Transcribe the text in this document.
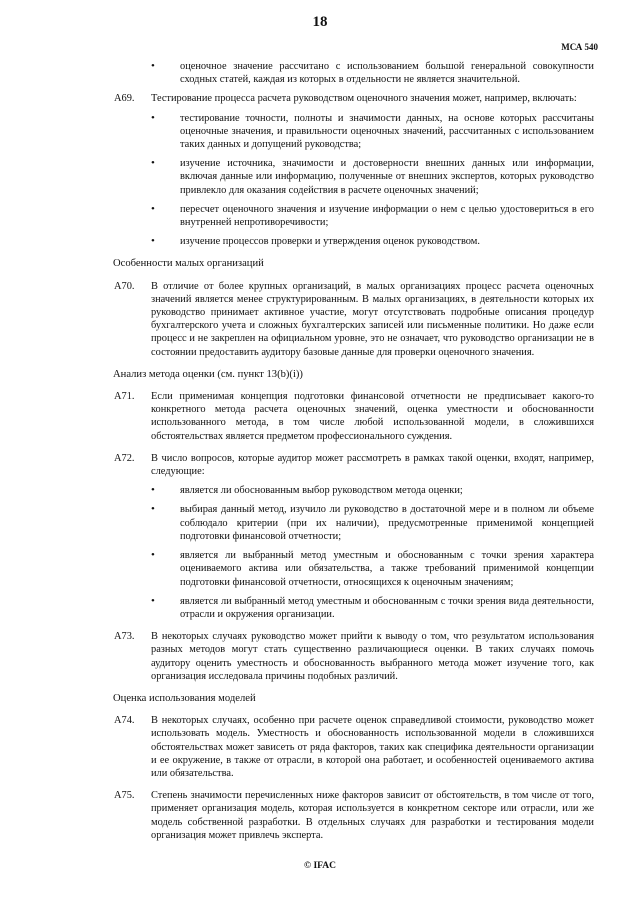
18
МСА 540
• оценочное значение рассчитано с использованием большой генеральной совокупности сходных статей, каждая из которых в отдельности не является значительной.
A69. Тестирование процесса расчета руководством оценочного значения может, например, включать:
• тестирование точности, полноты и значимости данных, на основе которых рассчитаны оценочные значения, и правильности оценочных значений, рассчитанных с использованием таких данных и допущений руководства;
• изучение источника, значимости и достоверности внешних данных или информации, включая данные или информацию, полученные от внешних экспертов, которых руководство привлекло для оказания содействия в расчете оценочных значений;
• пересчет оценочного значения и изучение информации о нем с целью удостовериться в его внутренней непротиворечивости;
• изучение процессов проверки и утверждения оценок руководством.
Особенности малых организаций
A70. В отличие от более крупных организаций, в малых организациях процесс расчета оценочных значений является менее структурированным. В малых организациях, в деятельности которых их руководство принимает активное участие, могут отсутствовать подробные описания процедур бухгалтерского учета и сложных бухгалтерских записей или письменные политики. Но даже если процесс и не закреплен на официальном уровне, это не означает, что руководство организации не в состоянии предоставить аудитору базовые данные для проверки оценочного значения.
Анализ метода оценки (см. пункт 13(b)(i))
A71. Если применимая концепция подготовки финансовой отчетности не предписывает какого-то конкретного метода расчета оценочных значений, оценка уместности и обоснованности использованного метода, в том числе любой использованной модели, в сложившихся обстоятельствах является предметом профессионального суждения.
A72. В число вопросов, которые аудитор может рассмотреть в рамках такой оценки, входят, например, следующие:
• является ли обоснованным выбор руководством метода оценки;
• выбирая данный метод, изучило ли руководство в достаточной мере и в полном ли объеме соблюдало критерии (при их наличии), предусмотренные применимой концепцией подготовки финансовой отчетности;
• является ли выбранный метод уместным и обоснованным с точки зрения характера оцениваемого актива или обязательства, а также требований применимой концепции подготовки финансовой отчетности, относящихся к оценочным значениям;
• является ли выбранный метод уместным и обоснованным с точки зрения вида деятельности, отрасли и окружения организации.
A73. В некоторых случаях руководство может прийти к выводу о том, что результатом использования разных методов могут стать существенно различающиеся оценки. В таких случаях помочь аудитору оценить уместность и обоснованность выбранного метода может изучение того, как организация исследовала причины подобных различий.
Оценка использования моделей
A74. В некоторых случаях, особенно при расчете оценок справедливой стоимости, руководство может использовать модель. Уместность и обоснованность использованной модели в сложившихся обстоятельствах может зависеть от ряда факторов, таких как специфика деятельности организации и ее окружение, в также от отрасли, в которой она работает, и особенностей оцениваемого актива или обязательства.
A75. Степень значимости перечисленных ниже факторов зависит от обстоятельств, в том числе от того, применяет организация модель, которая используется в конкретном секторе или отрасли, или же модель собственной разработки. В отдельных случаях для разработки и тестирования модели организация может привлечь эксперта.
© IFAC
